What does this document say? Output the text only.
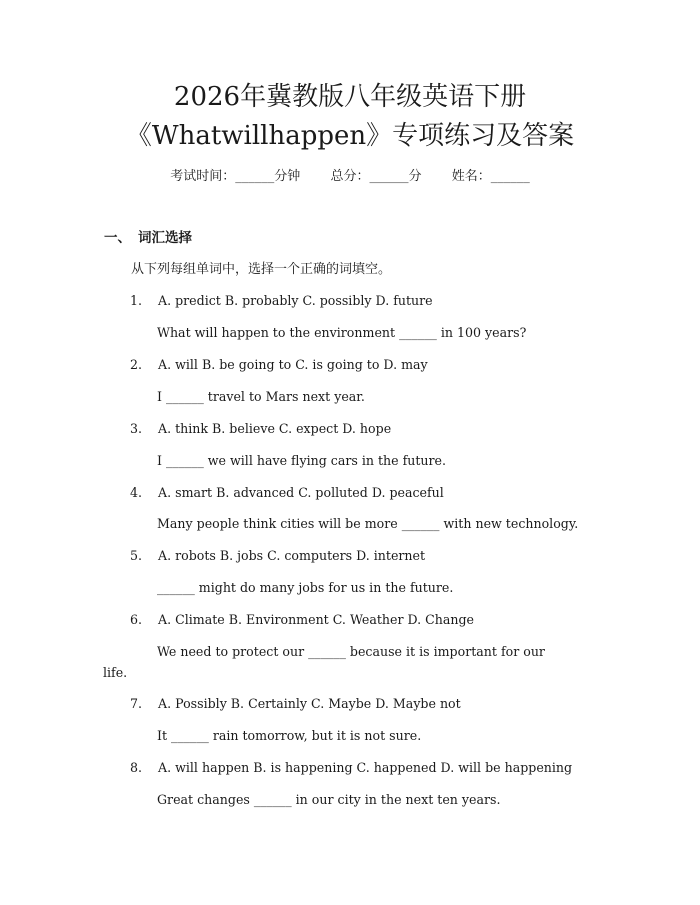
2026年冀教版八年级英语下册
《Whatwillhappen》专项练习及答案
考试时间：______分钟 总分：______分 姓名：______
一、 词汇选择
从下列每组单词中，选择一个正确的词填空。
1. A. predict B. probably C. possibly D. future
What will happen to the environment ______ in 100 years?
2. A. will B. be going to C. is going to D. may
I ______ travel to Mars next year.
3. A. think B. believe C. expect D. hope
I ______ we will have flying cars in the future.
4. A. smart B. advanced C. polluted D. peaceful
Many people think cities will be more ______ with new technology.
5. A. robots B. jobs C. computers D. internet
______ might do many jobs for us in the future.
6. A. Climate B. Environment C. Weather D. Change
We need to protect our ______ because it is important for our
life.
7. A. Possibly B. Certainly C. Maybe D. Maybe not
It ______ rain tomorrow, but it is not sure.
8. A. will happen B. is happening C. happened D. will be happening
Great changes ______ in our city in the next ten years.
